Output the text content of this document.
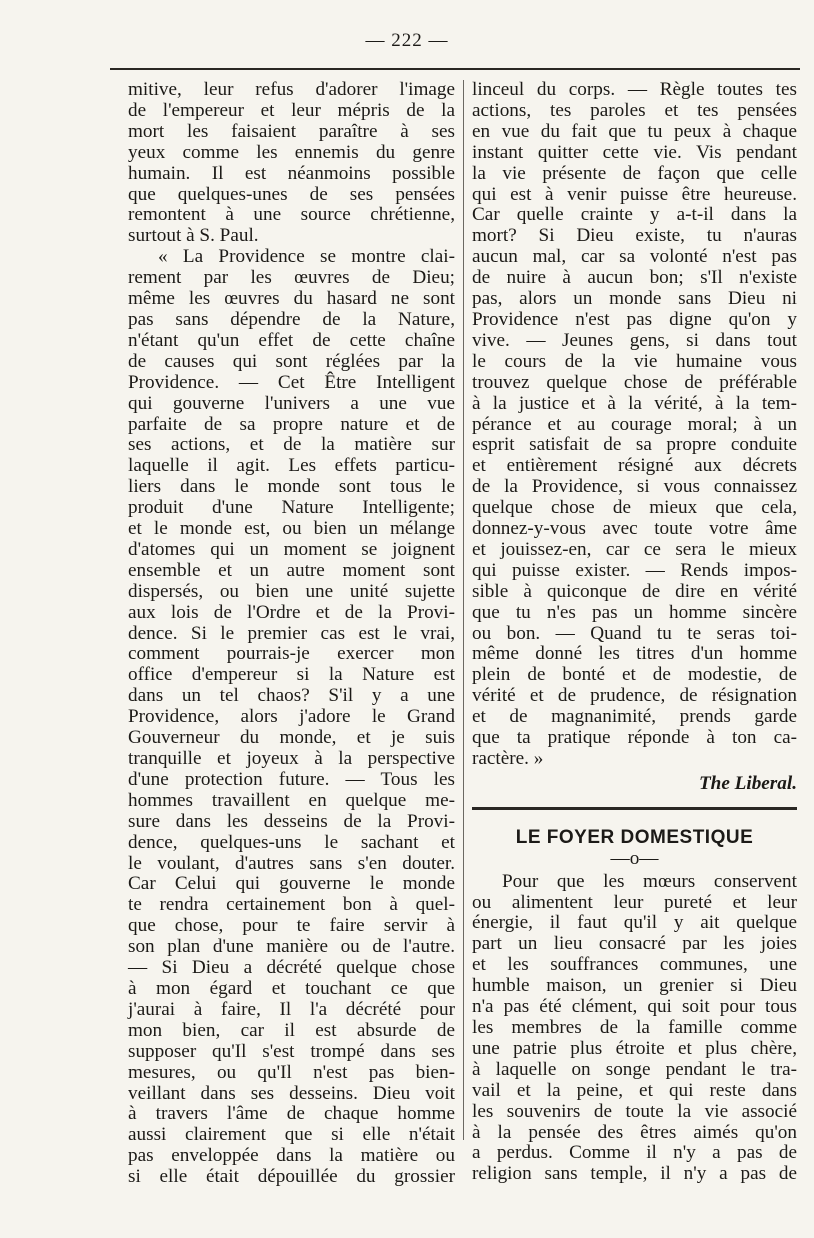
— 222 —
mitive, leur refus d'adorer l'image
de l'empereur et leur mépris de la
mort les faisaient paraître à ses
yeux comme les ennemis du genre
humain. Il est néanmoins possible
que quelques-unes de ses pensées
remontent à une source chrétienne,
surtout à S. Paul.
« La Providence se montre clai-
rement par les œuvres de Dieu;
même les œuvres du hasard ne sont
pas sans dépendre de la Nature,
n'étant qu'un effet de cette chaîne
de causes qui sont réglées par la
Providence. — Cet Être Intelligent
qui gouverne l'univers a une vue
parfaite de sa propre nature et de
ses actions, et de la matière sur
laquelle il agit. Les effets particu-
liers dans le monde sont tous le
produit d'une Nature Intelligente;
et le monde est, ou bien un mélange
d'atomes qui un moment se joignent
ensemble et un autre moment sont
dispersés, ou bien une unité sujette
aux lois de l'Ordre et de la Provi-
dence. Si le premier cas est le vrai,
comment pourrais-je exercer mon
office d'empereur si la Nature est
dans un tel chaos? S'il y a une
Providence, alors j'adore le Grand
Gouverneur du monde, et je suis
tranquille et joyeux à la perspective
d'une protection future. — Tous les
hommes travaillent en quelque me-
sure dans les desseins de la Provi-
dence, quelques-uns le sachant et
le voulant, d'autres sans s'en douter.
Car Celui qui gouverne le monde
te rendra certainement bon à quel-
que chose, pour te faire servir à
son plan d'une manière ou de l'autre.
— Si Dieu a décrété quelque chose
à mon égard et touchant ce que
j'aurai à faire, Il l'a décrété pour
mon bien, car il est absurde de
supposer qu'Il s'est trompé dans ses
mesures, ou qu'Il n'est pas bien-
veillant dans ses desseins. Dieu voit
à travers l'âme de chaque homme
aussi clairement que si elle n'était
pas enveloppée dans la matière ou
si elle était dépouillée du grossier
linceul du corps. — Règle toutes tes
actions, tes paroles et tes pensées
en vue du fait que tu peux à chaque
instant quitter cette vie. Vis pendant
la vie présente de façon que celle
qui est à venir puisse être heureuse.
Car quelle crainte y a-t-il dans la
mort? Si Dieu existe, tu n'auras
aucun mal, car sa volonté n'est pas
de nuire à aucun bon; s'Il n'existe
pas, alors un monde sans Dieu ni
Providence n'est pas digne qu'on y
vive. — Jeunes gens, si dans tout
le cours de la vie humaine vous
trouvez quelque chose de préférable
à la justice et à la vérité, à la tem-
pérance et au courage moral; à un
esprit satisfait de sa propre conduite
et entièrement résigné aux décrets
de la Providence, si vous connaissez
quelque chose de mieux que cela,
donnez-y-vous avec toute votre âme
et jouissez-en, car ce sera le mieux
qui puisse exister. — Rends impos-
sible à quiconque de dire en vérité
que tu n'es pas un homme sincère
ou bon. — Quand tu te seras toi-
même donné les titres d'un homme
plein de bonté et de modestie, de
vérité et de prudence, de résignation
et de magnanimité, prends garde
que ta pratique réponde à ton ca-
ractère. »
The Liberal.
LE FOYER DOMESTIQUE
—o—
Pour que les mœurs conservent
ou alimentent leur pureté et leur
énergie, il faut qu'il y ait quelque
part un lieu consacré par les joies
et les souffrances communes, une
humble maison, un grenier si Dieu
n'a pas été clément, qui soit pour tous
les membres de la famille comme
une patrie plus étroite et plus chère,
à laquelle on songe pendant le tra-
vail et la peine, et qui reste dans
les souvenirs de toute la vie associé
à la pensée des êtres aimés qu'on
a perdus. Comme il n'y a pas de
religion sans temple, il n'y a pas de
